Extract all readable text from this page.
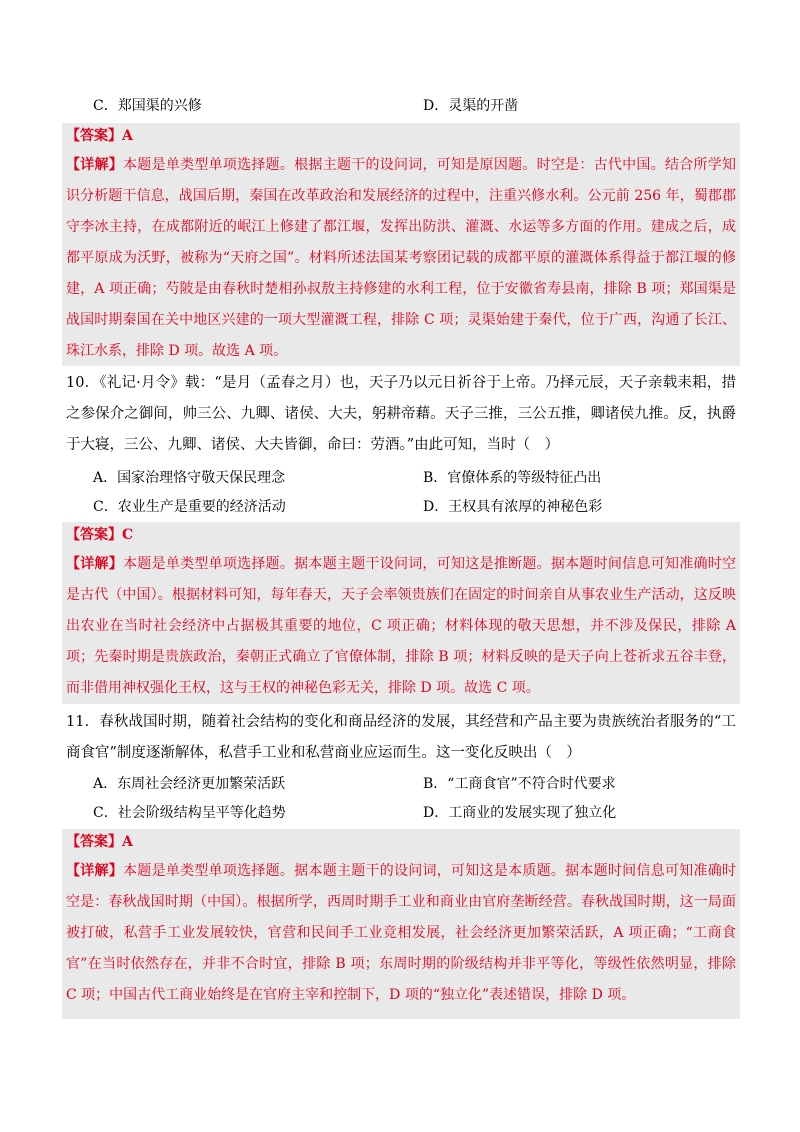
C．郑国渠的兴修	D．灵渠的开凿
【答案】A
【详解】本题是单类型单项选择题。根据主题干的设问词，可知是原因题。时空是：古代中国。结合所学知识分析题干信息，战国后期，秦国在改革政治和发展经济的过程中，注重兴修水利。公元前 256 年，蜀郡郡守李冰主持，在成都附近的岷江上修建了都江堰，发挥出防洪、灌溉、水运等多方面的作用。建成之后，成都平原成为沃野，被称为“天府之国”。材料所述法国某考察团记载的成都平原的灌溉体系得益于都江堰的修建，A 项正确；芍陂是由春秋时楚相孙叔敖主持修建的水利工程，位于安徽省寿县南，排除 B 项；郑国渠是战国时期秦国在关中地区兴建的一项大型灌溉工程，排除 C 项；灵渠始建于秦代，位于广西，沟通了长江、珠江水系，排除 D 项。故选 A 项。
10．《礼记·月令》载：“是月（孟春之月）也，天子乃以元日祈谷于上帝。乃择元辰，天子亲载耒耜，措之参保介之御间，帅三公、九卿、诸侯、大夫，躬耕帝藉。天子三推，三公五推，卿诸侯九推。反，执爵于大寝，三公、九卿、诸侯、大夫皆御，命曰：劳酒。”由此可知，当时（　）
A．国家治理恪守敬天保民理念	B．官僚体系的等级特征凸出
C．农业生产是重要的经济活动	D．王权具有浓厚的神秘色彩
【答案】C
【详解】本题是单类型单项选择题。据本题主题干设问词，可知这是推断题。据本题时间信息可知准确时空是古代（中国）。根据材料可知，每年春天，天子会率领贵族们在固定的时间亲自从事农业生产活动，这反映出农业在当时社会经济中占据极其重要的地位，C 项正确；材料体现的敬天思想，并不涉及保民，排除 A 项；先秦时期是贵族政治，秦朝正式确立了官僚体制，排除 B 项；材料反映的是天子向上苍祈求五谷丰登，而非借用神权强化王权，这与王权的神秘色彩无关，排除 D 项。故选 C 项。
11．春秋战国时期，随着社会结构的变化和商品经济的发展，其经营和产品主要为贵族统治者服务的“工商食官”制度逐渐解体，私营手工业和私营商业应运而生。这一变化反映出（　）
A．东周社会经济更加繁荣活跃	B．“工商食官”不符合时代要求
C．社会阶级结构呈平等化趋势	D．工商业的发展实现了独立化
【答案】A
【详解】本题是单类型单项选择题。据本题主题干的设问词，可知这是本质题。据本题时间信息可知准确时空是：春秋战国时期（中国）。根据所学，西周时期手工业和商业由官府垄断经营。春秋战国时期，这一局面被打破，私营手工业发展较快，官营和民间手工业竞相发展，社会经济更加繁荣活跃，A 项正确；“工商食官”在当时依然存在，并非不合时宜，排除 B 项；东周时期的阶级结构并非平等化，等级性依然明显，排除 C 项；中国古代工商业始终是在官府主宰和控制下，D 项的“独立化”表述错误，排除 D 项。
